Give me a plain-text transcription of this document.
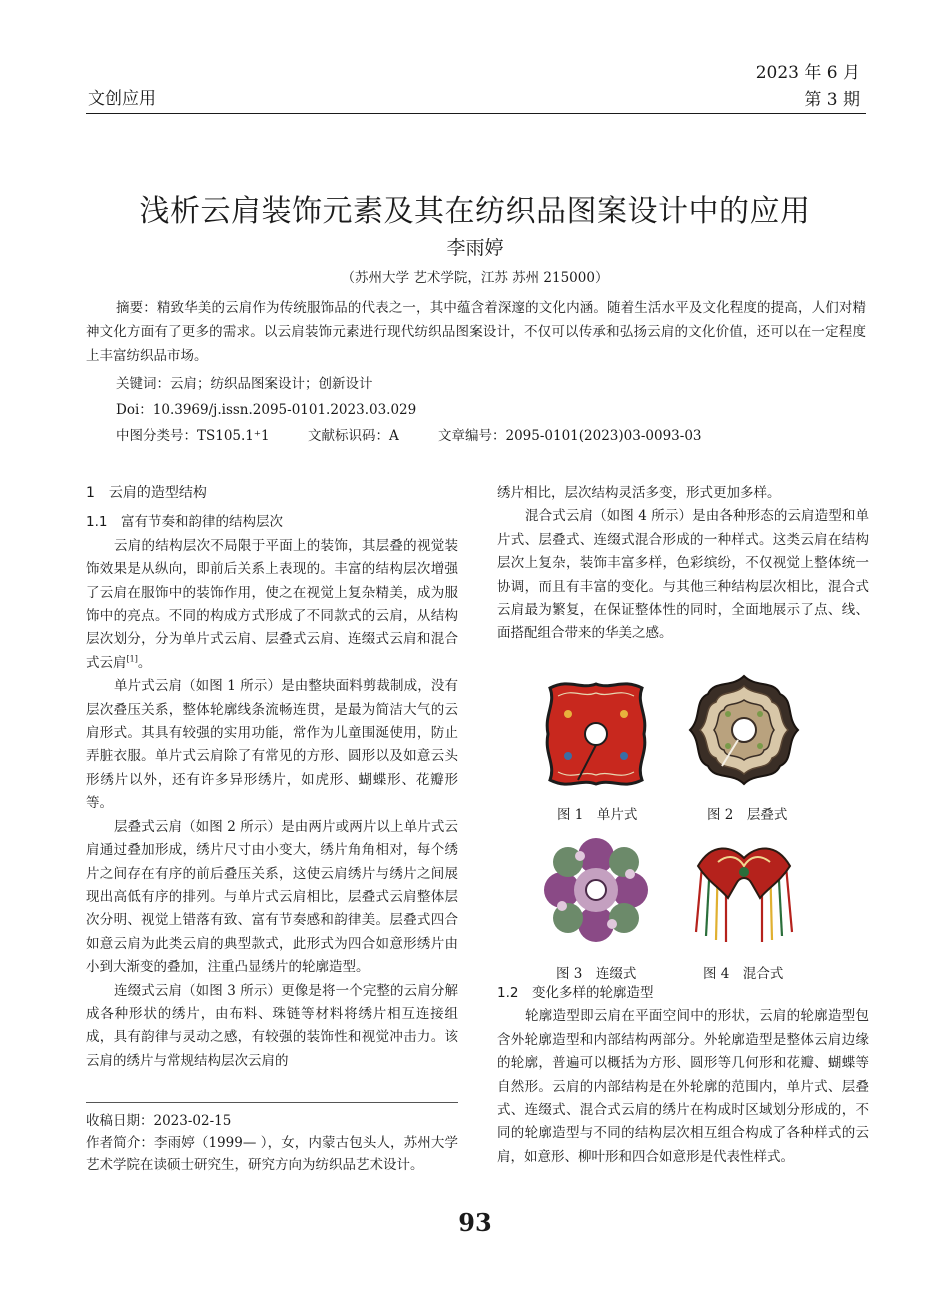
文创应用
2023 年 6 月
第 3 期
浅析云肩装饰元素及其在纺织品图案设计中的应用
李雨婷
（苏州大学 艺术学院，江苏 苏州 215000）

摘要：精致华美的云肩作为传统服饰品的代表之一，其中蕴含着深邃的文化内涵。随着生活水平及文化程度的提高，人们对精神文化方面有了更多的需求。以云肩装饰元素进行现代纺织品图案设计，不仅可以传承和弘扬云肩的文化价值，还可以在一定程度上丰富纺织品市场。

关键词：云肩；纺织品图案设计；创新设计
Doi：10.3969/j.issn.2095-0101.2023.03.029
中图分类号：TS105.1⁺1	文献标识码：A	文章编号：2095-0101(2023)03-0093-03

1　云肩的造型结构

1.1　富有节奏和韵律的结构层次

云肩的结构层次不局限于平面上的装饰，其层叠的视觉装饰效果是从纵向，即前后关系上表现的。丰富的结构层次增强了云肩在服饰中的装饰作用，使之在视觉上复杂精美，成为服饰中的亮点。不同的构成方式形成了不同款式的云肩，从结构层次划分，分为单片式云肩、层叠式云肩、连缀式云肩和混合式云肩[1]。

单片式云肩（如图 1 所示）是由整块面料剪裁制成，没有层次叠压关系，整体轮廓线条流畅连贯，是最为简洁大气的云肩形式。其具有较强的实用功能，常作为儿童围涎使用，防止弄脏衣服。单片式云肩除了有常见的方形、圆形以及如意云头形绣片以外，还有许多异形绣片，如虎形、蝴蝶形、花瓣形等。

层叠式云肩（如图 2 所示）是由两片或两片以上单片式云肩通过叠加形成，绣片尺寸由小变大，绣片角角相对，每个绣片之间存在有序的前后叠压关系，这使云肩绣片与绣片之间展现出高低有序的排列。与单片式云肩相比，层叠式云肩整体层次分明、视觉上错落有致、富有节奏感和韵律美。层叠式四合如意云肩为此类云肩的典型款式，此形式为四合如意形绣片由小到大渐变的叠加，注重凸显绣片的轮廓造型。

连缀式云肩（如图 3 所示）更像是将一个完整的云肩分解成各种形状的绣片，由布料、珠链等材料将绣片相互连接组成，具有韵律与灵动之感，有较强的装饰性和视觉冲击力。该云肩的绣片与常规结构层次云肩的

收稿日期：2023-02-15

作者简介：李雨婷（1999— ），女，内蒙古包头人，苏州大学艺术学院在读硕士研究生，研究方向为纺织品艺术设计。

绣片相比，层次结构灵活多变，形式更加多样。

混合式云肩（如图 4 所示）是由各种形态的云肩造型和单片式、层叠式、连缀式混合形成的一种样式。这类云肩在结构层次上复杂，装饰丰富多样，色彩缤纷，不仅视觉上整体统一协调，而且有丰富的变化。与其他三种结构层次相比，混合式云肩最为繁复，在保证整体性的同时，全面地展示了点、线、面搭配组合带来的华美之感。

图 1　单片式	图 2　层叠式
图 3　连缀式	图 4　混合式

1.2　变化多样的轮廓造型

轮廓造型即云肩在平面空间中的形状，云肩的轮廓造型包含外轮廓造型和内部结构两部分。外轮廓造型是整体云肩边缘的轮廓，普遍可以概括为方形、圆形等几何形和花瓣、蝴蝶等自然形。云肩的内部结构是在外轮廓的范围内，单片式、层叠式、连缀式、混合式云肩的绣片在构成时区域划分形成的，不同的轮廓造型与不同的结构层次相互组合构成了各种样式的云肩，如意形、柳叶形和四合如意形是代表性样式。

93
